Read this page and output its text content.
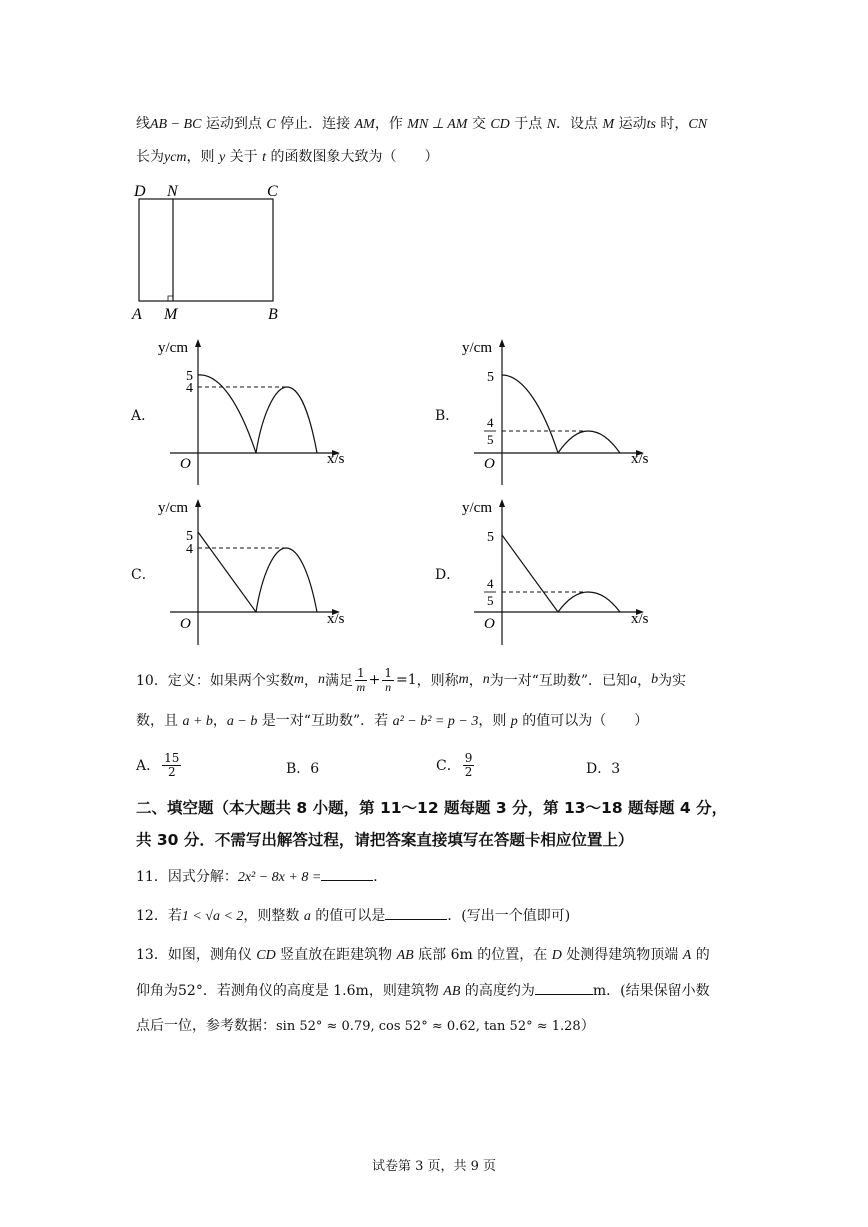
线AB − BC 运动到点 C 停止．连接 AM，作 MN ⊥ AM 交 CD 于点 N．设点 M 运动ts 时，CN
长为ycm，则 y 关于 t 的函数图象大致为（　　）
D N	C
A M	B
A．
y/cm
x/s
O
5
4
B．
y/cm
x/s
O
5
4
5
C．
y/cm
x/s
O
5
4
D．
y/cm
x/s
O
5
4
5
10．定义：如果两个实数 m ， n 满足 $\frac{1}{m} + \frac{1}{n} =1$ ，则称 m ， n 为一对“互助数”．已知 a ， b 为实
数，且 a + b，a − b 是一对“互助数”．若 a² − b² = p − 3，则 p 的值可以为（　　）
A． $\frac{15}{2}$	B．6	C． $\frac{9}{2}$	D．3
二、填空题（本大题共 8 小题，第 11～12 题每题 3 分，第 13～18 题每题 4 分，
共 30 分．不需写出解答过程，请把答案直接填写在答题卡相应位置上）
11．因式分解：2x² − 8x + 8 =	．
12．若1 < √a < 2，则整数 a 的值可以是	．(写出一个值即可)
13．如图，测角仪 CD 竖直放在距建筑物 AB 底部 6m 的位置，在 D 处测得建筑物顶端 A 的
仰角为52°．若测角仪的高度是 1.6m，则建筑物 AB 的高度约为	m．(结果保留小数
点后一位，参考数据：sin 52° ≈ 0.79, cos 52° ≈ 0.62, tan 52° ≈ 1.28）
试卷第 3 页，共 9 页
